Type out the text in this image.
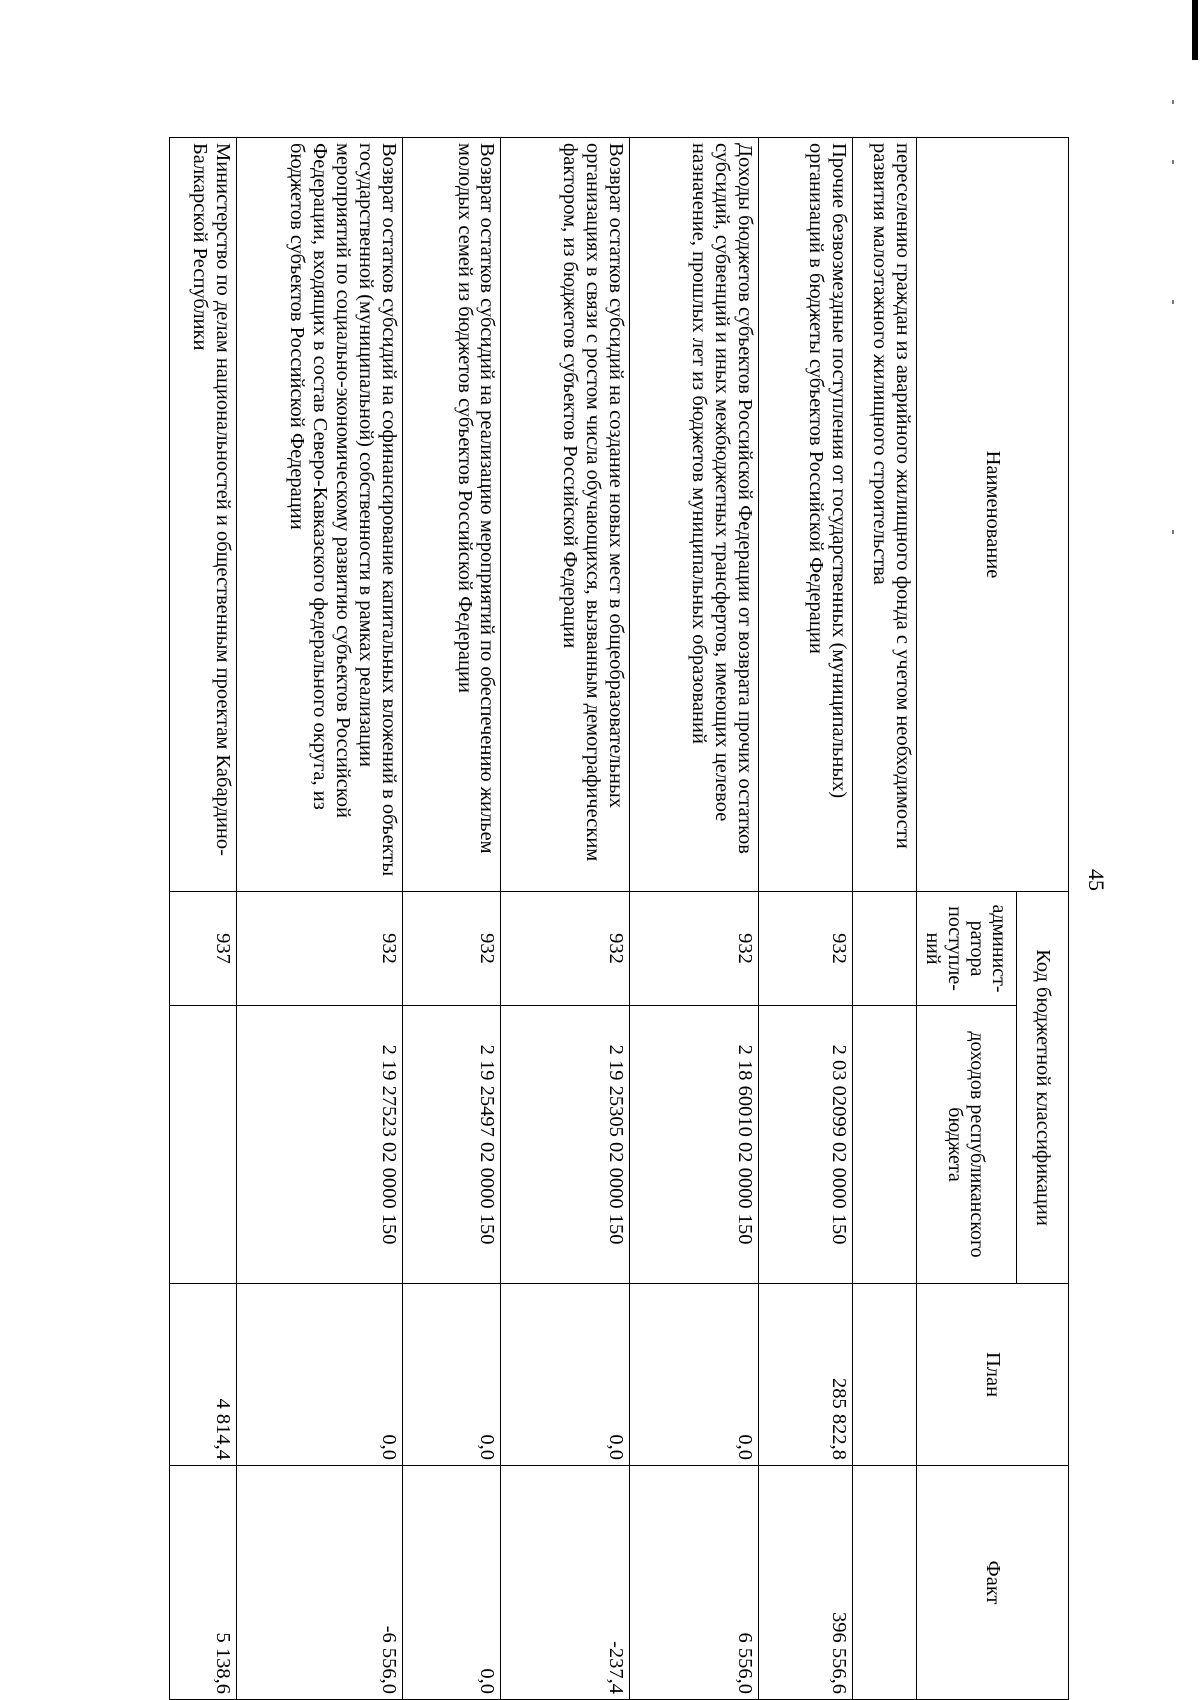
45
Наименование	Код бюджетной классификации		План	Факт
	админист- ратора поступле- ний	доходов республиканского бюджета		
переселению граждан из аварийного жилищного фонда с учетом необходимости развития малоэтажного жилищного строительства				
Прочие безвозмездные поступления от государственных (муниципальных) организаций в бюджеты субъектов Российской Федерации	932	2 03 02099 02 0000 150	285 822,8	396 556,6
Доходы бюджетов субъектов Российской Федерации от возврата прочих остатков субсидий, субвенций и иных межбюджетных трансфертов, имеющих целевое назначение, прошлых лет из бюджетов муниципальных образований	932	2 18 60010 02 0000 150	0,0	6 556,0
Возврат остатков субсидий на создание новых мест в общеобразовательных организациях в связи с ростом числа обучающихся, вызванным демографическим фактором, из бюджетов субъектов Российской Федерации	932	2 19 25305 02 0000 150	0,0	-237,4
Возврат остатков субсидий на реализацию мероприятий по обеспечению жильем молодых семей из бюджетов субъектов Российской Федерации	932	2 19 25497 02 0000 150	0,0	0,0
Возврат остатков субсидий на софинансирование капитальных вложений в объекты государственной (муниципальной) собственности в рамках реализации мероприятий по социально-экономическому развитию субъектов Российской Федерации, входящих в состав Северо-Кавказского федерального округа, из бюджетов субъектов Российской Федерации	932	2 19 27523 02 0000 150	0,0	-6 556,0
Министерство по делам национальностей и общественным проектам Кабардино-Балкарской Республики	937		4 814,4	5 138,6
